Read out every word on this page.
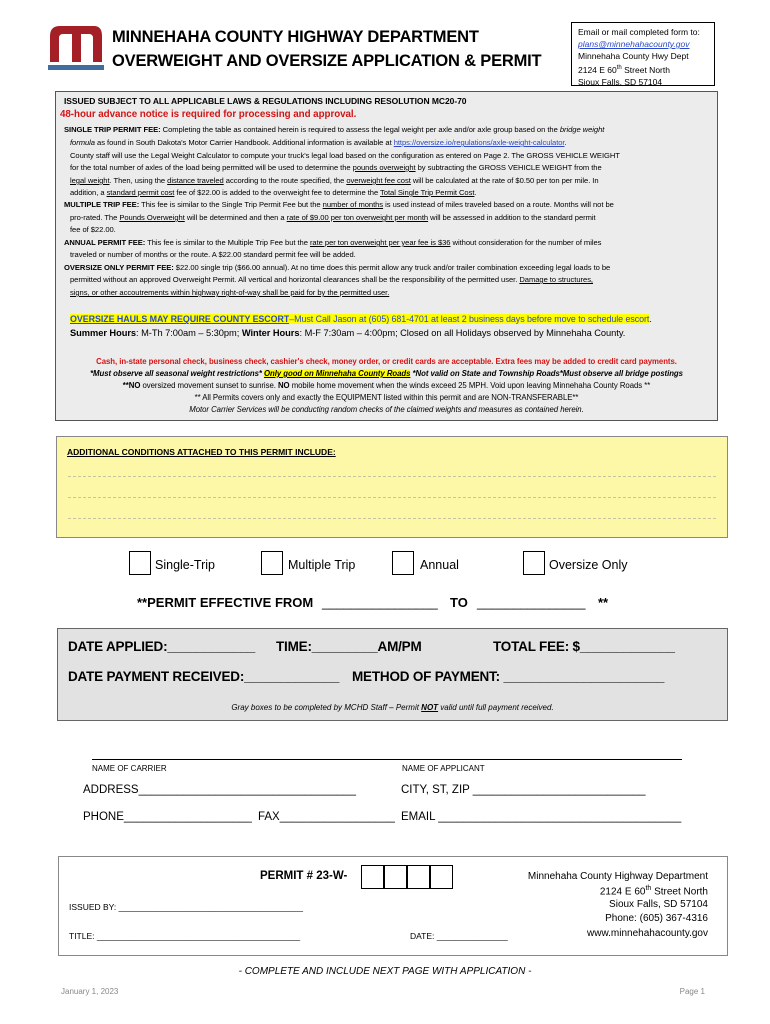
MINNEHAHA COUNTY HIGHWAY DEPARTMENT
OVERWEIGHT AND OVERSIZE APPLICATION & PERMIT
Email or mail completed form to:
plans@minnehahacounty.gov
Minnehaha County Hwy Dept
2124 E 60th Street North
Sioux Falls, SD 57104
ISSUED SUBJECT TO ALL APPLICABLE LAWS & REGULATIONS INCLUDING RESOLUTION MC20-70
48-hour advance notice is required for processing and approval.
SINGLE TRIP PERMIT FEE: Completing the table as contained herein is required to assess the legal weight per axle and/or axle group based on the bridge weight
formula as found in South Dakota's Motor Carrier Handbook. Additional information is available at https://oversize.io/regulations/axle-weight-calculator.
County staff will use the Legal Weight Calculator to compute your truck's legal load based on the configuration as entered on Page 2. The GROSS VEHICLE WEIGHT
for the total number of axles of the load being permitted will be used to determine the pounds overweight by subtracting the GROSS VEHICLE WEIGHT from the
legal weight. Then, using the distance traveled according to the route specified, the overweight fee cost will be calculated at the rate of $0.50 per ton per mile. In
addition, a standard permit cost fee of $22.00 is added to the overweight fee to determine the Total Single Trip Permit Cost.
MULTIPLE TRIP FEE: This fee is similar to the Single Trip Permit Fee but the number of months is used instead of miles traveled based on a route. Months will not be
pro-rated. The Pounds Overweight will be determined and then a rate of $9.00 per ton overweight per month will be assessed in addition to the standard permit
fee of $22.00.
ANNUAL PERMIT FEE: This fee is similar to the Multiple Trip Fee but the rate per ton overweight per year fee is $36 without consideration for the number of miles
traveled or number of months or the route. A $22.00 standard permit fee will be added.
OVERSIZE ONLY PERMIT FEE: $22.00 single trip ($66.00 annual). At no time does this permit allow any truck and/or trailer combination exceeding legal loads to be
permitted without an approved Overweight Permit. All vertical and horizontal clearances shall be the responsibility of the permitted user. Damage to structures,
signs, or other accoutrements within highway right-of-way shall be paid for by the permitted user.
OVERSIZE HAULS MAY REQUIRE COUNTY ESCORT–Must Call Jason at (605) 681-4701 at least 2 business days before move to schedule escort.
Summer Hours: M-Th 7:00am – 5:30pm; Winter Hours: M-F 7:30am – 4:00pm; Closed on all Holidays observed by Minnehaha County.
Cash, in-state personal check, business check, cashier's check, money order, or credit cards are acceptable. Extra fees may be added to credit card payments.
*Must observe all seasonal weight restrictions* Only good on Minnehaha County Roads *Not valid on State and Township Roads*Must observe all bridge postings
**NO oversized movement sunset to sunrise. NO mobile home movement when the winds exceed 25 MPH. Void upon leaving Minnehaha County Roads **
** All Permits covers only and exactly the EQUIPMENT listed within this permit and are NON-TRANSFERABLE**
Motor Carrier Services will be conducting random checks of the claimed weights and measures as contained herein.
ADDITIONAL CONDITIONS ATTACHED TO THIS PERMIT INCLUDE:
Single-Trip	Multiple Trip	Annual	Oversize Only
**PERMIT EFFECTIVE FROM ________________ TO _______________ **
DATE APPLIED:____________ TIME:_________AM/PM	TOTAL FEE: $_____________
DATE PAYMENT RECEIVED:_____________ METHOD OF PAYMENT: ______________________
Gray boxes to be completed by MCHD Staff – Permit NOT valid until full payment received.
NAME OF CARRIER	NAME OF APPLICANT
ADDRESS__________________________________	CITY, ST, ZIP ___________________________
PHONE____________________ FAX__________________ EMAIL ______________________________________
PERMIT # 23-W-
ISSUED BY: _______________________________________
TITLE: ___________________________________________	DATE: _______________
Minnehaha County Highway Department
2124 E 60th Street North
Sioux Falls, SD 57104
Phone: (605) 367-4316
www.minnehahacounty.gov
- COMPLETE AND INCLUDE NEXT PAGE WITH APPLICATION -
January 1, 2023	Page 1
